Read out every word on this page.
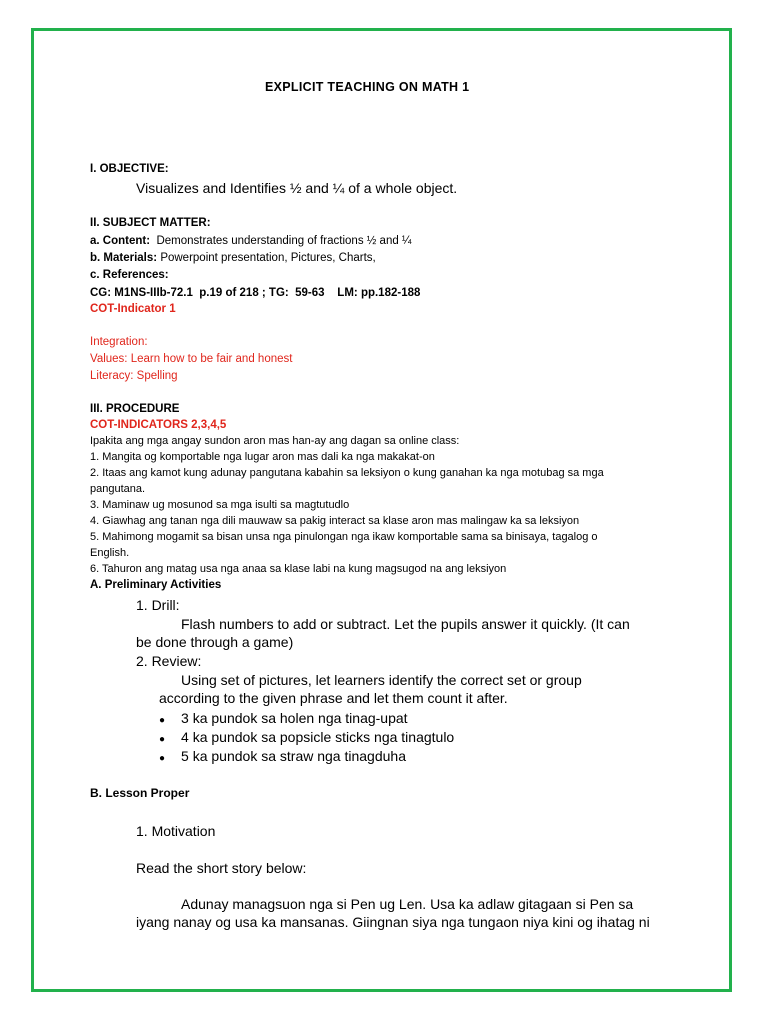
EXPLICIT TEACHING ON MATH 1
I. OBJECTIVE:
Visualizes and Identifies ½ and ¼ of a whole object.
II. SUBJECT MATTER:
a. Content: Demonstrates understanding of fractions ½ and ¼
b. Materials: Powerpoint presentation, Pictures, Charts,
c. References:
CG: M1NS-IIIb-72.1  p.19 of 218 ; TG:  59-63    LM: pp.182-188
COT-Indicator 1
Integration:
Values: Learn how to be fair and honest
Literacy: Spelling
III. PROCEDURE
COT-INDICATORS 2,3,4,5
Ipakita ang mga angay sundon aron mas han-ay ang dagan sa online class:
1. Mangita og komportable nga lugar aron mas dali ka nga makakat-on
2. Itaas ang kamot kung adunay pangutana kabahin sa leksiyon o kung ganahan ka nga motubag sa mga
pangutana.
3. Maminaw ug mosunod sa mga isulti sa magtutudlo
4. Giawhag ang tanan nga dili mauwaw sa pakig interact sa klase aron mas malingaw ka sa leksiyon
5. Mahimong mogamit sa bisan unsa nga pinulongan nga ikaw komportable sama sa binisaya, tagalog o
English.
6. Tahuron ang matag usa nga anaa sa klase labi na kung magsugod na ang leksiyon
A. Preliminary Activities
1. Drill:
Flash numbers to add or subtract. Let the pupils answer it quickly. (It can
be done through a game)
2. Review:
Using set of pictures, let learners identify the correct set or group
according to the given phrase and let them count it after.
● 3 ka pundok sa holen nga tinag-upat
● 4 ka pundok sa popsicle sticks nga tinagtulo
● 5 ka pundok sa straw nga tinagduha
B. Lesson Proper
1. Motivation
Read the short story below:
Adunay managsuon nga si Pen ug Len. Usa ka adlaw gitagaan si Pen sa
iyang nanay og usa ka mansanas. Giingnan siya nga tungaon niya kini og ihatag ni
